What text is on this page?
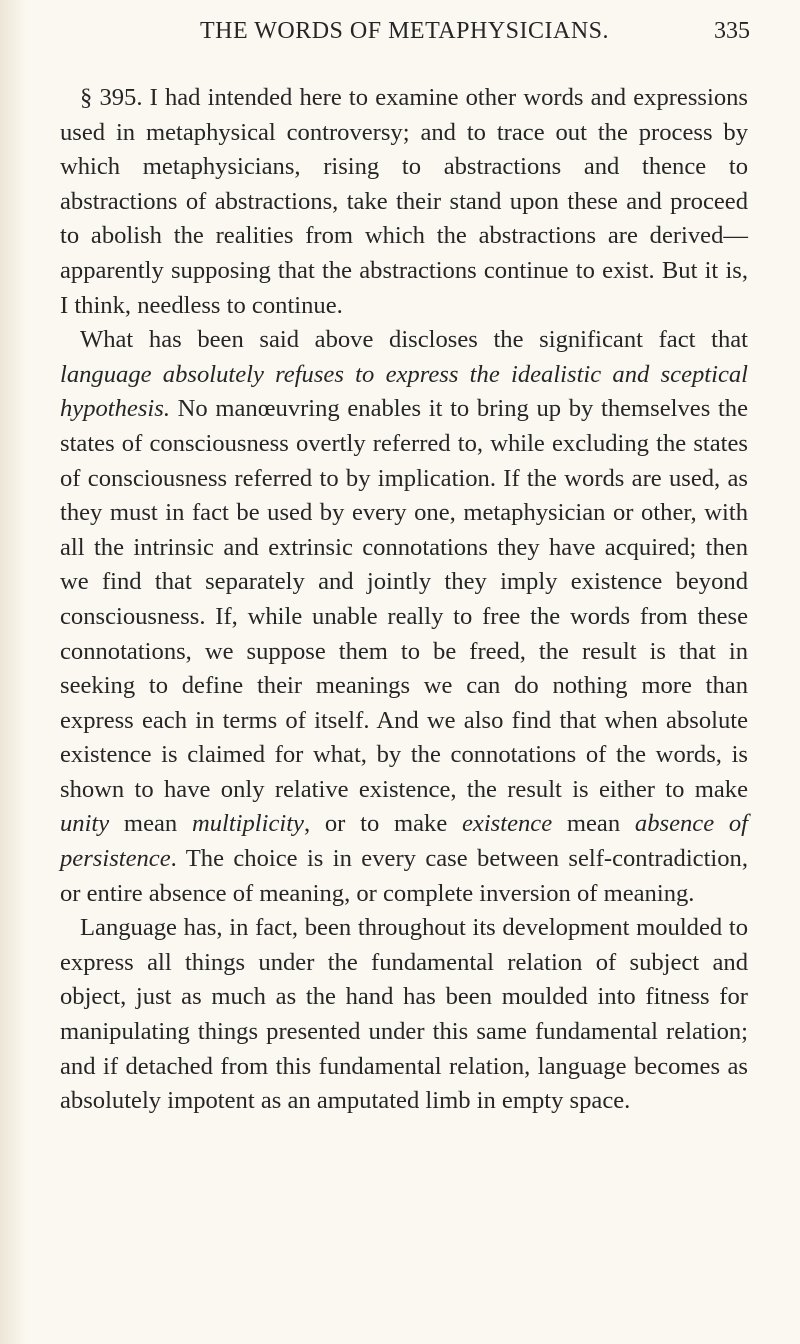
THE WORDS OF METAPHYSICIANS.	335

§ 395. I had intended here to examine other words and expressions used in metaphysical controversy; and to trace out the process by which metaphysicians, rising to abstractions and thence to abstractions of abstractions, take their stand upon these and proceed to abolish the realities from which the abstractions are derived—apparently supposing that the abstractions continue to exist. But it is, I think, needless to continue.

What has been said above discloses the significant fact that language absolutely refuses to express the idealistic and sceptical hypothesis. No manœuvring enables it to bring up by themselves the states of consciousness overtly referred to, while excluding the states of consciousness referred to by implication. If the words are used, as they must in fact be used by every one, metaphysician or other, with all the intrinsic and extrinsic connotations they have acquired; then we find that separately and jointly they imply existence beyond consciousness. If, while unable really to free the words from these connotations, we suppose them to be freed, the result is that in seeking to define their meanings we can do nothing more than express each in terms of itself. And we also find that when absolute existence is claimed for what, by the connotations of the words, is shown to have only relative existence, the result is either to make unity mean multiplicity, or to make existence mean absence of persistence. The choice is in every case between self-contradiction, or entire absence of meaning, or complete inversion of meaning.

Language has, in fact, been throughout its development moulded to express all things under the fundamental relation of subject and object, just as much as the hand has been moulded into fitness for manipulating things presented under this same fundamental relation; and if detached from this fundamental relation, language becomes as absolutely impotent as an amputated limb in empty space.
